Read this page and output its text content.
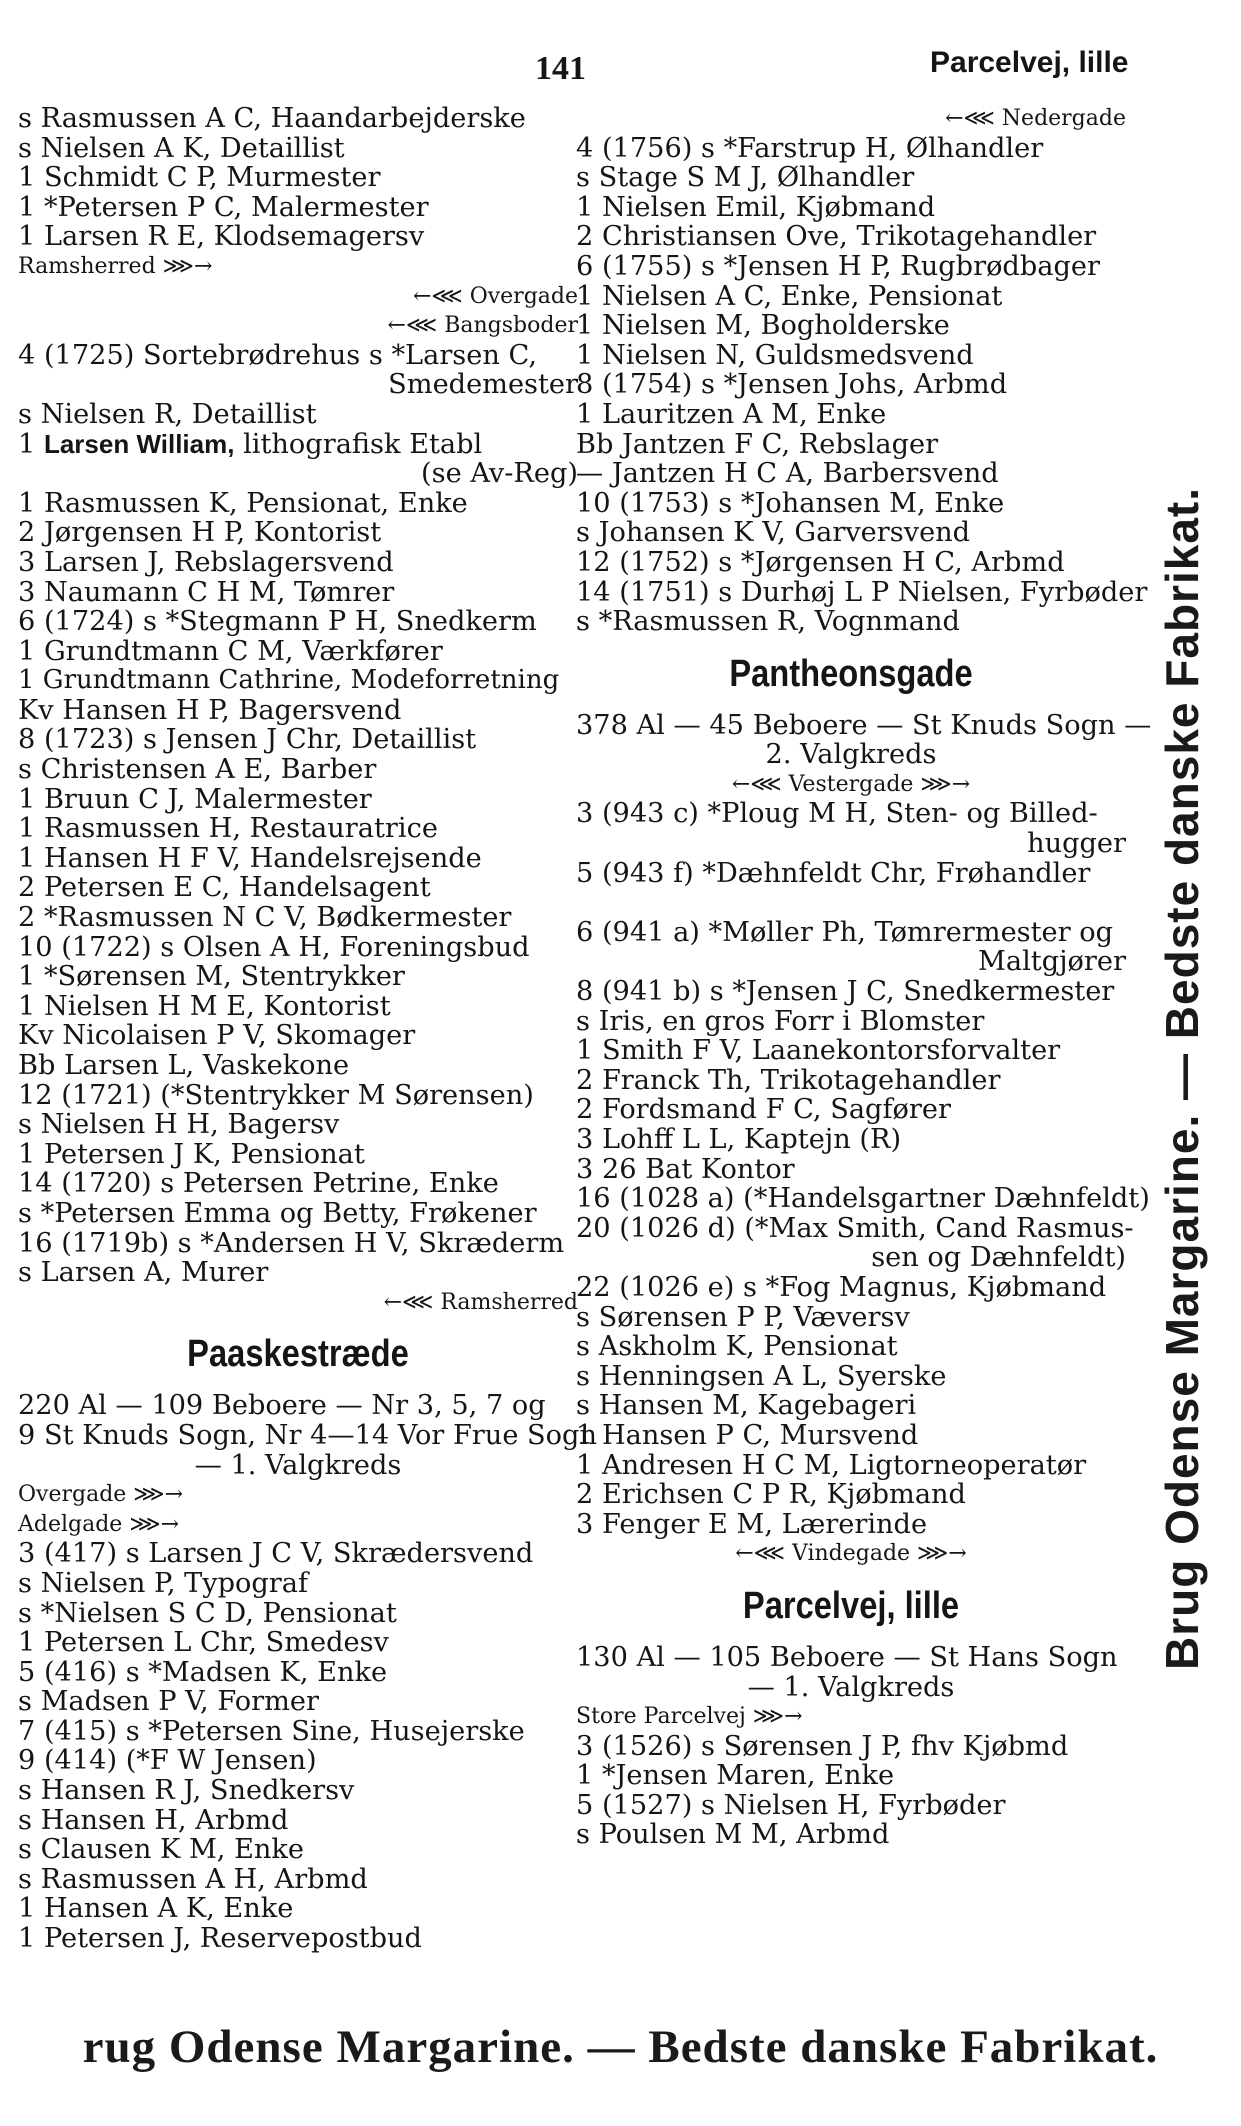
141	Parcelvej, lille
s Rasmussen A C, Haandarbejderske
s Nielsen A K, Detaillist
1 Schmidt C P, Murmester
1 *Petersen P C, Malermester
1 Larsen R E, Klodsemagersv
Ramsherred ⋙→
←⋘ Overgade
←⋘ Bangsboder
4 (1725) Sortebrødrehus s *Larsen C,
Smedemester
s Nielsen R, Detaillist
1 Larsen William, lithografisk Etabl
(se Av-Reg)
1 Rasmussen K, Pensionat, Enke
2 Jørgensen H P, Kontorist
3 Larsen J, Rebslagersvend
3 Naumann C H M, Tømrer
6 (1724) s *Stegmann P H, Snedkerm
1 Grundtmann C M, Værkfører
1 Grundtmann Cathrine, Modeforretning
Kv Hansen H P, Bagersvend
8 (1723) s Jensen J Chr, Detaillist
s Christensen A E, Barber
1 Bruun C J, Malermester
1 Rasmussen H, Restauratrice
1 Hansen H F V, Handelsrejsende
2 Petersen E C, Handelsagent
2 *Rasmussen N C V, Bødkermester
10 (1722) s Olsen A H, Foreningsbud
1 *Sørensen M, Stentrykker
1 Nielsen H M E, Kontorist
Kv Nicolaisen P V, Skomager
Bb Larsen L, Vaskekone
12 (1721) (*Stentrykker M Sørensen)
s Nielsen H H, Bagersv
1 Petersen J K, Pensionat
14 (1720) s Petersen Petrine, Enke
s *Petersen Emma og Betty, Frøkener
16 (1719b) s *Andersen H V, Skræderm
s Larsen A, Murer
←⋘ Ramsherred
Paaskestræde
220 Al — 109 Beboere — Nr 3, 5, 7 og
9 St Knuds Sogn, Nr 4—14 Vor Frue Sogn
— 1. Valgkreds
Overgade ⋙→
Adelgade ⋙→
3 (417) s Larsen J C V, Skrædersvend
s Nielsen P, Typograf
s *Nielsen S C D, Pensionat
1 Petersen L Chr, Smedesv
5 (416) s *Madsen K, Enke
s Madsen P V, Former
7 (415) s *Petersen Sine, Husejerske
9 (414) (*F W Jensen)
s Hansen R J, Snedkersv
s Hansen H, Arbmd
s Clausen K M, Enke
s Rasmussen A H, Arbmd
1 Hansen A K, Enke
1 Petersen J, Reservepostbud
←⋘ Nedergade
4 (1756) s *Farstrup H, Ølhandler
s Stage S M J, Ølhandler
1 Nielsen Emil, Kjøbmand
2 Christiansen Ove, Trikotagehandler
6 (1755) s *Jensen H P, Rugbrødbager
1 Nielsen A C, Enke, Pensionat
1 Nielsen M, Bogholderske
1 Nielsen N, Guldsmedsvend
8 (1754) s *Jensen Johs, Arbmd
1 Lauritzen A M, Enke
Bb Jantzen F C, Rebslager
— Jantzen H C A, Barbersvend
10 (1753) s *Johansen M, Enke
s Johansen K V, Garversvend
12 (1752) s *Jørgensen H C, Arbmd
14 (1751) s Durhøj L P Nielsen, Fyrbøder
s *Rasmussen R, Vognmand
Pantheonsgade
378 Al — 45 Beboere — St Knuds Sogn —
2. Valgkreds
←⋘ Vestergade ⋙→
3 (943 c) *Ploug M H, Sten- og Billed-
hugger
5 (943 f) *Dæhnfeldt Chr, Frøhandler
6 (941 a) *Møller Ph, Tømrermester og
Maltgjører
8 (941 b) s *Jensen J C, Snedkermester
s Iris, en gros Forr i Blomster
1 Smith F V, Laanekontorsforvalter
2 Franck Th, Trikotagehandler
2 Fordsmand F C, Sagfører
3 Lohff L L, Kaptejn (R)
3 26 Bat Kontor
16 (1028 a) (*Handelsgartner Dæhnfeldt)
20 (1026 d) (*Max Smith, Cand Rasmus-
sen og Dæhnfeldt)
22 (1026 e) s *Fog Magnus, Kjøbmand
s Sørensen P P, Væversv
s Askholm K, Pensionat
s Henningsen A L, Syerske
s Hansen M, Kagebageri
1 Hansen P C, Mursvend
1 Andresen H C M, Ligtorneoperatør
2 Erichsen C P R, Kjøbmand
3 Fenger E M, Lærerinde
←⋘ Vindegade ⋙→
Parcelvej, lille
130 Al — 105 Beboere — St Hans Sogn
— 1. Valgkreds
Store Parcelvej ⋙→
3 (1526) s Sørensen J P, fhv Kjøbmd
1 *Jensen Maren, Enke
5 (1527) s Nielsen H, Fyrbøder
s Poulsen M M, Arbmd
Brug Odense Margarine. — Bedste danske Fabrikat.
rug Odense Margarine. — Bedste danske Fabrikat.
